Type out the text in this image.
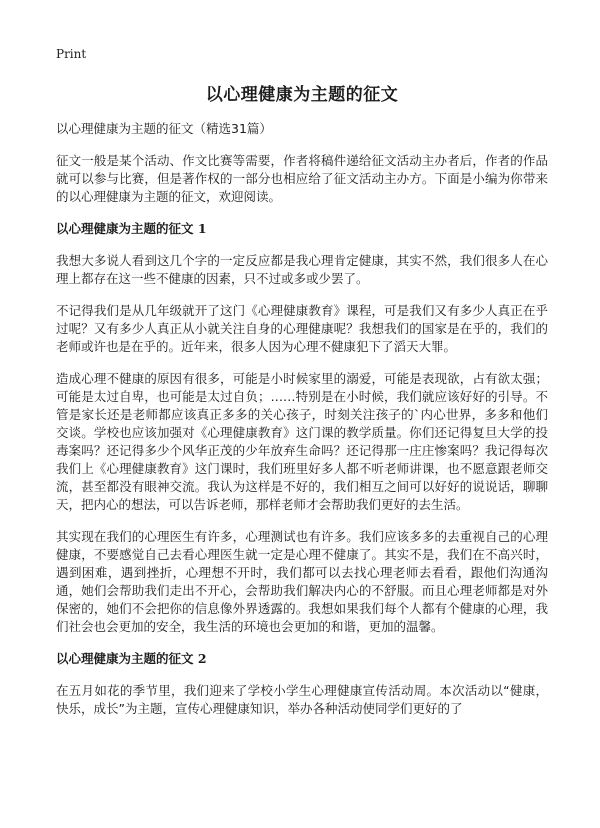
Print
以心理健康为主题的征文

以心理健康为主题的征文（精选31篇）

征文一般是某个活动、作文比赛等需要，作者将稿件递给征文活动主办者后，作者的作品就可以参与比赛，但是著作权的一部分也相应给了征文活动主办方。下面是小编为你带来的以心理健康为主题的征文，欢迎阅读。

以心理健康为主题的征文 1

我想大多说人看到这几个字的一定反应都是我心理肯定健康，其实不然，我们很多人在心理上都存在这一些不健康的因素，只不过或多或少罢了。

不记得我们是从几年级就开了这门《心理健康教育》课程，可是我们又有多少人真正在乎过呢？又有多少人真正从小就关注自身的心理健康呢？我想我们的国家是在乎的，我们的老师或许也是在乎的。近年来，很多人因为心理不健康犯下了滔天大罪。

造成心理不健康的原因有很多，可能是小时候家里的溺爱，可能是表现欲，占有欲太强；可能是太过自卑，也可能是太过自负；……特别是在小时候，我们就应该好好的引导。不管是家长还是老师都应该真正多多的关心孩子，时刻关注孩子的`内心世界，多多和他们交谈。学校也应该加强对《心理健康教育》这门课的教学质量。你们还记得复旦大学的投毒案吗？还记得多少个风华正茂的少年放弃生命吗？还记得那一庄庄惨案吗？我记得每次我们上《心理健康教育》这门课时，我们班里好多人都不听老师讲课，也不愿意跟老师交流，甚至都没有眼神交流。我认为这样是不好的，我们相互之间可以好好的说说话，聊聊天，把内心的想法，可以告诉老师，那样老师才会帮助我们更好的去生活。

其实现在我们的心理医生有许多，心理测试也有许多。我们应该多多的去重视自己的心理健康，不要感觉自己去看心理医生就一定是心理不健康了。其实不是，我们在不高兴时，遇到困难，遇到挫折，心理想不开时，我们都可以去找心理老师去看看，跟他们沟通沟通，她们会帮助我们走出不开心，会帮助我们解决内心的不舒服。而且心理老师都是对外保密的，她们不会把你的信息像外界透露的。我想如果我们每个人都有个健康的心理，我们社会也会更加的安全，我生活的环境也会更加的和谐，更加的温馨。

以心理健康为主题的征文 2

在五月如花的季节里，我们迎来了学校小学生心理健康宣传活动周。本次活动以“健康，快乐，成长”为主题，宣传心理健康知识，举办各种活动使同学们更好的了
